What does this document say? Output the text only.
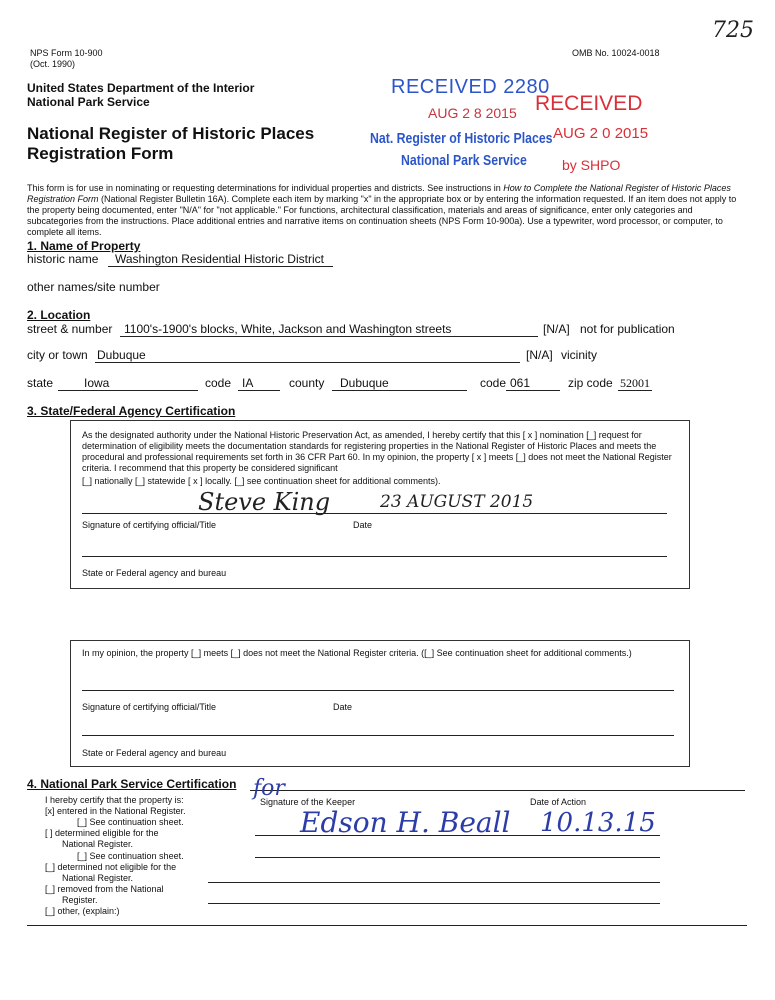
725
NPS Form 10-900
(Oct. 1990)
OMB No. 10024-0018
United States Department of the Interior
National Park Service
National Register of Historic Places
Registration Form
RECEIVED 2280
AUG 2 8 2015
Nat. Register of Historic Places
National Park Service
RECEIVED
AUG 2 0 2015
by SHPO
This form is for use in nominating or requesting determinations for individual properties and districts. See instructions in How to Complete the National Register of Historic Places Registration Form (National Register Bulletin 16A). Complete each item by marking "x" in the appropriate box or by entering the information requested. If an item does not apply to the property being documented, enter "N/A" for "not applicable." For functions, architectural classification, materials and areas of significance, enter only categories and subcategories from the instructions. Place additional entries and narrative items on continuation sheets (NPS Form 10-900a). Use a typewriter, word processor, or computer, to complete all items.
1. Name of Property
historic name Washington Residential Historic District
other names/site number
2. Location
street & number 1100's-1900's blocks, White, Jackson and Washington streets	[N/A] not for publication
city or town Dubuque	[N/A] vicinity
state	Iowa	code IA	county Dubuque	code 061	zip code 52001
3. State/Federal Agency Certification
As the designated authority under the National Historic Preservation Act, as amended, I hereby certify that this [ x ] nomination [_] request for determination of eligibility meets the documentation standards for registering properties in the National Register of Historic Places and meets the procedural and professional requirements set forth in 36 CFR Part 60. In my opinion, the property [ x ] meets [_] does not meet the National Register criteria. I recommend that this property be considered significant
[_] nationally [_] statewide [ x ] locally. [_] see continuation sheet for additional comments).
Steve King	23 AUGUST 2015
Signature of certifying official/Title	Date
State or Federal agency and bureau
In my opinion, the property [_] meets [_] does not meet the National Register criteria. ([_] See continuation sheet for additional comments.)
Signature of certifying official/Title	Date
State or Federal agency and bureau
4. National Park Service Certification
I hereby certify that the property is:
[x] entered in the National Register.
[_] See continuation sheet.
[ ] determined eligible for the
National Register.
[_] See continuation sheet.
[_] determined not eligible for the
National Register.
[_] removed from the National
Register.
[_] other, (explain:)
Signature of the Keeper	Date of Action
for
Edson H. Beall 10.13.15
